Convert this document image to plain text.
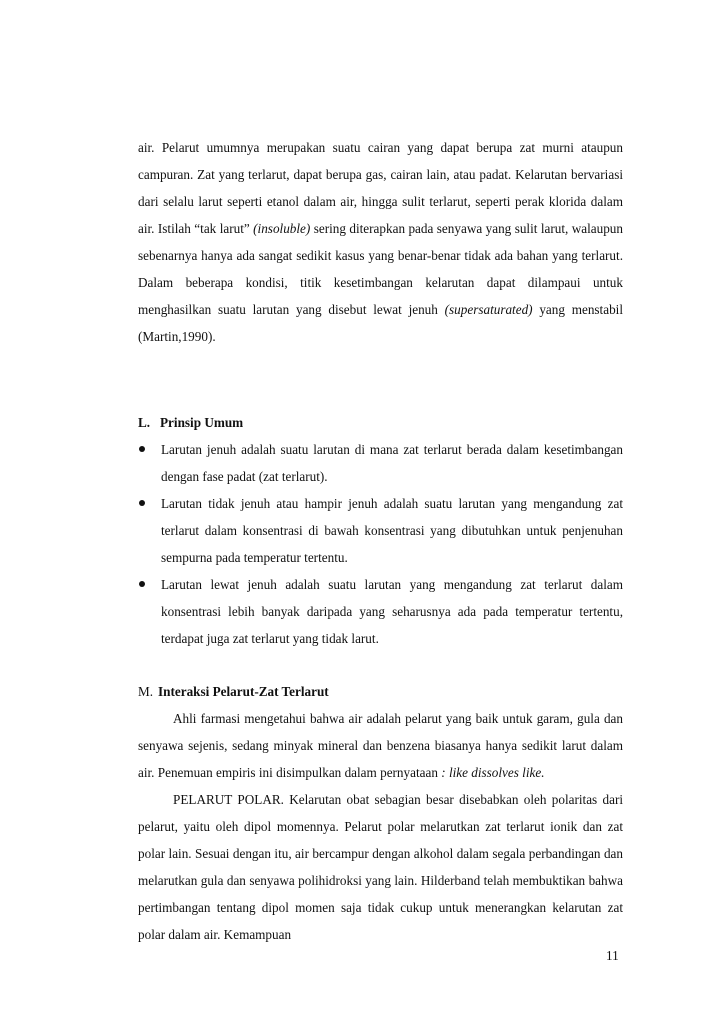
air. Pelarut umumnya merupakan suatu cairan yang dapat berupa zat murni ataupun campuran. Zat yang terlarut, dapat berupa gas, cairan lain, atau padat. Kelarutan bervariasi dari selalu larut seperti etanol dalam air, hingga sulit terlarut, seperti perak klorida dalam air. Istilah “tak larut” (insoluble) sering diterapkan pada senyawa yang sulit larut, walaupun sebenarnya hanya ada sangat sedikit kasus yang benar-benar tidak ada bahan yang terlarut. Dalam beberapa kondisi, titik kesetimbangan kelarutan dapat dilampaui untuk menghasilkan suatu larutan yang disebut lewat jenuh (supersaturated) yang menstabil (Martin,1990).

L. Prinsip Umum

Larutan jenuh adalah suatu larutan di mana zat terlarut berada dalam kesetimbangan dengan fase padat (zat terlarut).
Larutan tidak jenuh atau hampir jenuh adalah suatu larutan yang mengandung zat terlarut dalam konsentrasi di bawah konsentrasi yang dibutuhkan untuk penjenuhan sempurna pada temperatur tertentu.
Larutan lewat jenuh adalah suatu larutan yang mengandung zat terlarut dalam konsentrasi lebih banyak daripada yang seharusnya ada pada temperatur tertentu, terdapat juga zat terlarut yang tidak larut.

M. Interaksi Pelarut-Zat Terlarut

Ahli farmasi mengetahui bahwa air adalah pelarut yang baik untuk garam, gula dan senyawa sejenis, sedang minyak mineral dan benzena biasanya hanya sedikit larut dalam air. Penemuan empiris ini disimpulkan dalam pernyataan : like dissolves like.

PELARUT POLAR. Kelarutan obat sebagian besar disebabkan oleh polaritas dari pelarut, yaitu oleh dipol momennya. Pelarut polar melarutkan zat terlarut ionik dan zat polar lain. Sesuai dengan itu, air bercampur dengan alkohol dalam segala perbandingan dan melarutkan gula dan senyawa polihidroksi yang lain. Hilderband telah membuktikan bahwa pertimbangan tentang dipol momen saja tidak cukup untuk menerangkan kelarutan zat polar dalam air. Kemampuan

11
